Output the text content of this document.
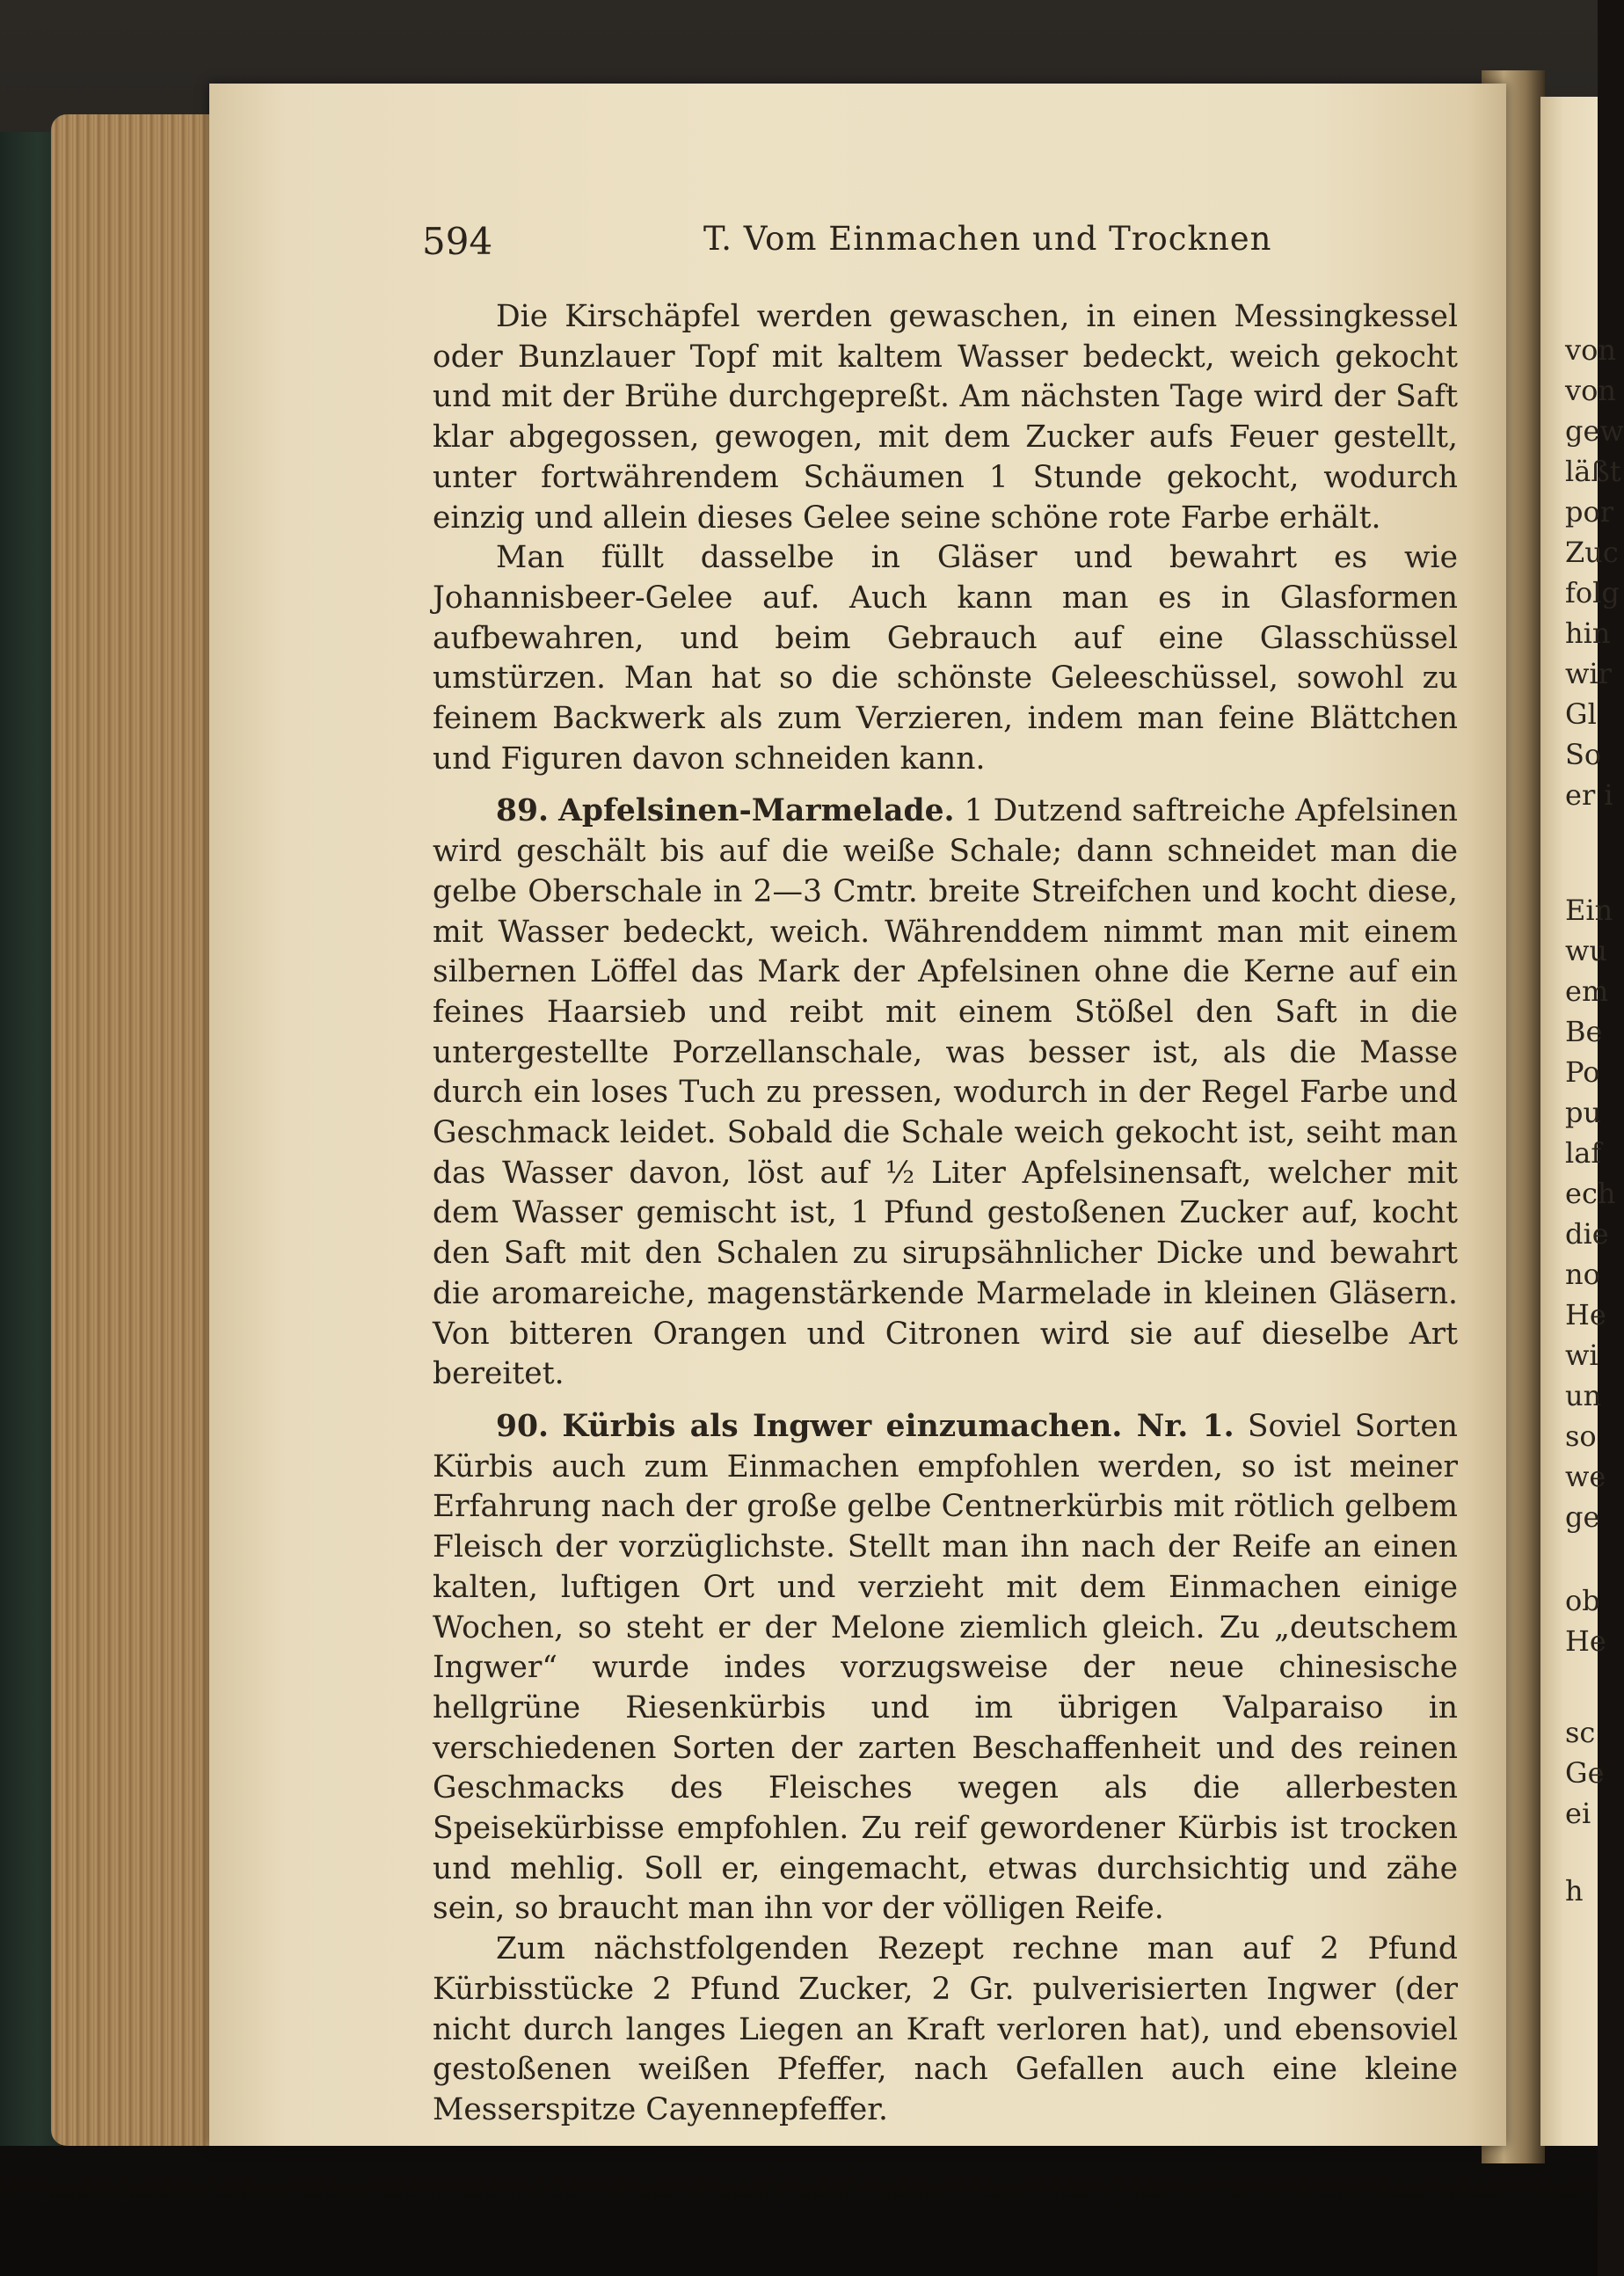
von
von
gew
läßt
por
Zuc
folg
hin
wir
Gl
So
er i
Ein
wu
em
Be
Po
pu
laf
ech
die
no
He
wi
un
so
we
ge
ob
He
sc
Ge
ei
h
594	T. Vom Einmachen und Trocknen

Die Kirschäpfel werden gewaschen, in einen Messingkessel oder Bunzlauer Topf mit kaltem Wasser bedeckt, weich gekocht und mit der Brühe durchgepreßt. Am nächsten Tage wird der Saft klar abgegossen, gewogen, mit dem Zucker aufs Feuer gestellt, unter fortwährendem Schäumen 1 Stunde gekocht, wodurch einzig und allein dieses Gelee seine schöne rote Farbe erhält.

Man füllt dasselbe in Gläser und bewahrt es wie Johannisbeer-Gelee auf. Auch kann man es in Glasformen aufbewahren, und beim Gebrauch auf eine Glasschüssel umstürzen. Man hat so die schönste Geleeschüssel, sowohl zu feinem Backwerk als zum Verzieren, indem man feine Blättchen und Figuren davon schneiden kann.

89. Apfelsinen-Marmelade. 1 Dutzend saftreiche Apfelsinen wird geschält bis auf die weiße Schale; dann schneidet man die gelbe Oberschale in 2—3 Cmtr. breite Streifchen und kocht diese, mit Wasser bedeckt, weich. Währenddem nimmt man mit einem silbernen Löffel das Mark der Apfelsinen ohne die Kerne auf ein feines Haarsieb und reibt mit einem Stößel den Saft in die untergestellte Porzellanschale, was besser ist, als die Masse durch ein loses Tuch zu pressen, wodurch in der Regel Farbe und Geschmack leidet. Sobald die Schale weich gekocht ist, seiht man das Wasser davon, löst auf ½ Liter Apfelsinensaft, welcher mit dem Wasser gemischt ist, 1 Pfund gestoßenen Zucker auf, kocht den Saft mit den Schalen zu sirupsähnlicher Dicke und bewahrt die aromareiche, magenstärkende Marmelade in kleinen Gläsern. Von bitteren Orangen und Citronen wird sie auf dieselbe Art bereitet.

90. Kürbis als Ingwer einzumachen. Nr. 1. Soviel Sorten Kürbis auch zum Einmachen empfohlen werden, so ist meiner Erfahrung nach der große gelbe Centnerkürbis mit rötlich gelbem Fleisch der vorzüglichste. Stellt man ihn nach der Reife an einen kalten, luftigen Ort und verzieht mit dem Einmachen einige Wochen, so steht er der Melone ziemlich gleich. Zu „deutschem Ingwer“ wurde indes vorzugsweise der neue chinesische hellgrüne Riesenkürbis und im übrigen Valparaiso in verschiedenen Sorten der zarten Beschaffenheit und des reinen Geschmacks des Fleisches wegen als die allerbesten Speisekürbisse empfohlen. Zu reif gewordener Kürbis ist trocken und mehlig. Soll er, eingemacht, etwas durchsichtig und zähe sein, so braucht man ihn vor der völligen Reife.

Zum nächstfolgenden Rezept rechne man auf 2 Pfund Kürbisstücke 2 Pfund Zucker, 2 Gr. pulverisierten Ingwer (der nicht durch langes Liegen an Kraft verloren hat), und ebensoviel gestoßenen weißen Pfeffer, nach Gefallen auch eine kleine Messerspitze Cayennepfeffer.
